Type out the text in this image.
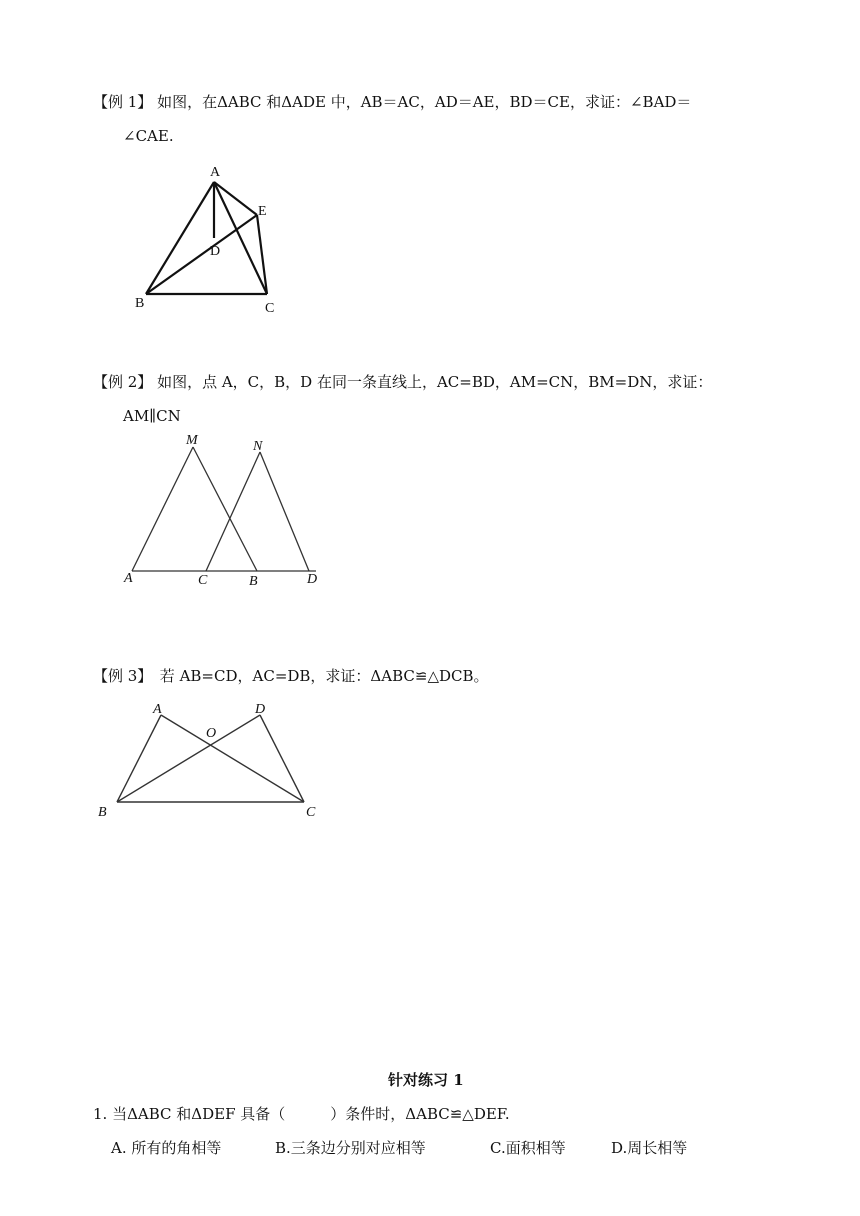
【例 1】 如图，在ΔABC 和ΔADE 中，AB＝AC，AD＝AE，BD＝CE，求证：∠BAD＝
∠CAE.
A
E
D
B	C
【例 2】 如图，点 A，C，B，D 在同一条直线上，AC=BD，AM=CN，BM=DN，求证：
AM∥CN
M	N
A	C	B	D
【例 3】　若 AB=CD，AC=DB，求证：ΔABC≌△DCB。
A	D
O
B	C
针对练习 1
1. 当ΔABC 和ΔDEF 具备（　　　）条件时，ΔABC≌△DEF.
A. 所有的角相等	B.三条边分别对应相等	C.面积相等	D.周长相等
